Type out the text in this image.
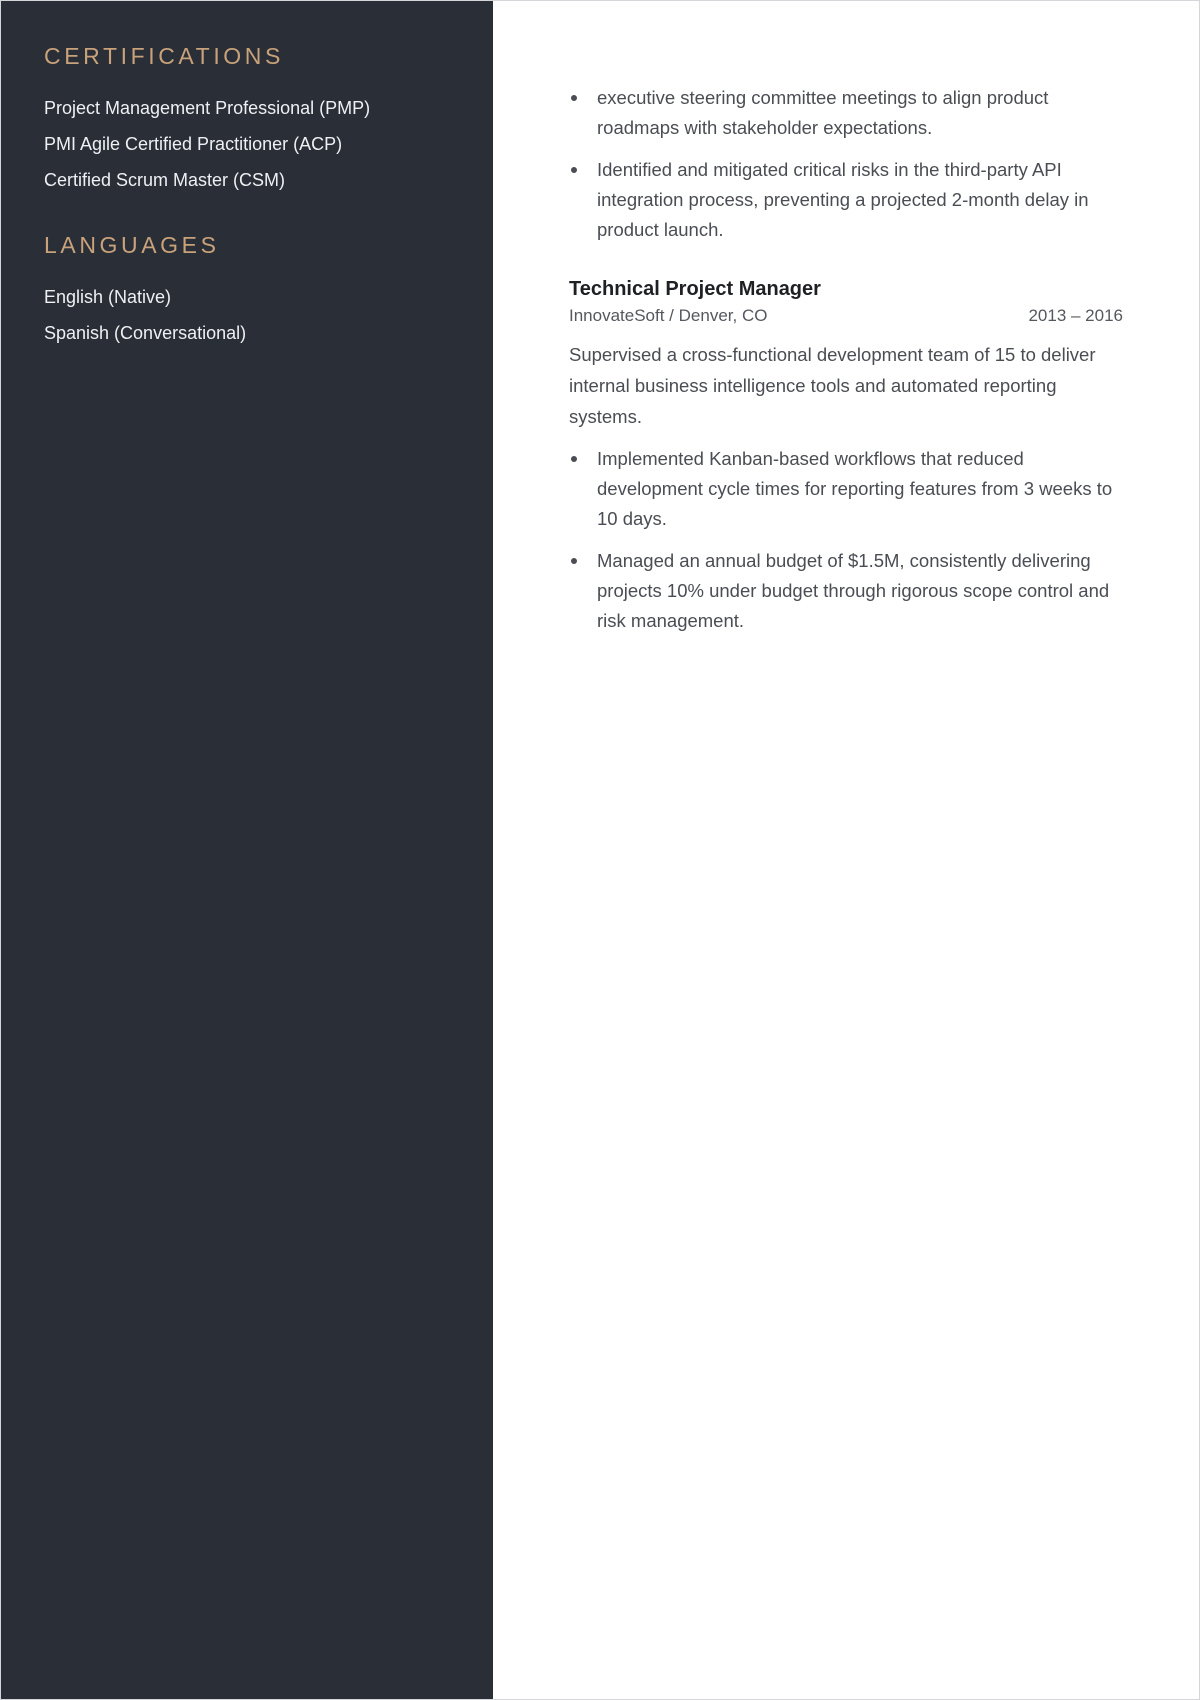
CERTIFICATIONS
Project Management Professional (PMP)
PMI Agile Certified Practitioner (ACP)
Certified Scrum Master (CSM)
LANGUAGES
English (Native)
Spanish (Conversational)
executive steering committee meetings to align product roadmaps with stakeholder expectations.
Identified and mitigated critical risks in the third-party API integration process, preventing a projected 2-month delay in product launch.
Technical Project Manager
InnovateSoft / Denver, CO	2013 – 2016

Supervised a cross-functional development team of 15 to deliver internal business intelligence tools and automated reporting systems.

Implemented Kanban-based workflows that reduced development cycle times for reporting features from 3 weeks to 10 days.
Managed an annual budget of $1.5M, consistently delivering projects 10% under budget through rigorous scope control and risk management.
